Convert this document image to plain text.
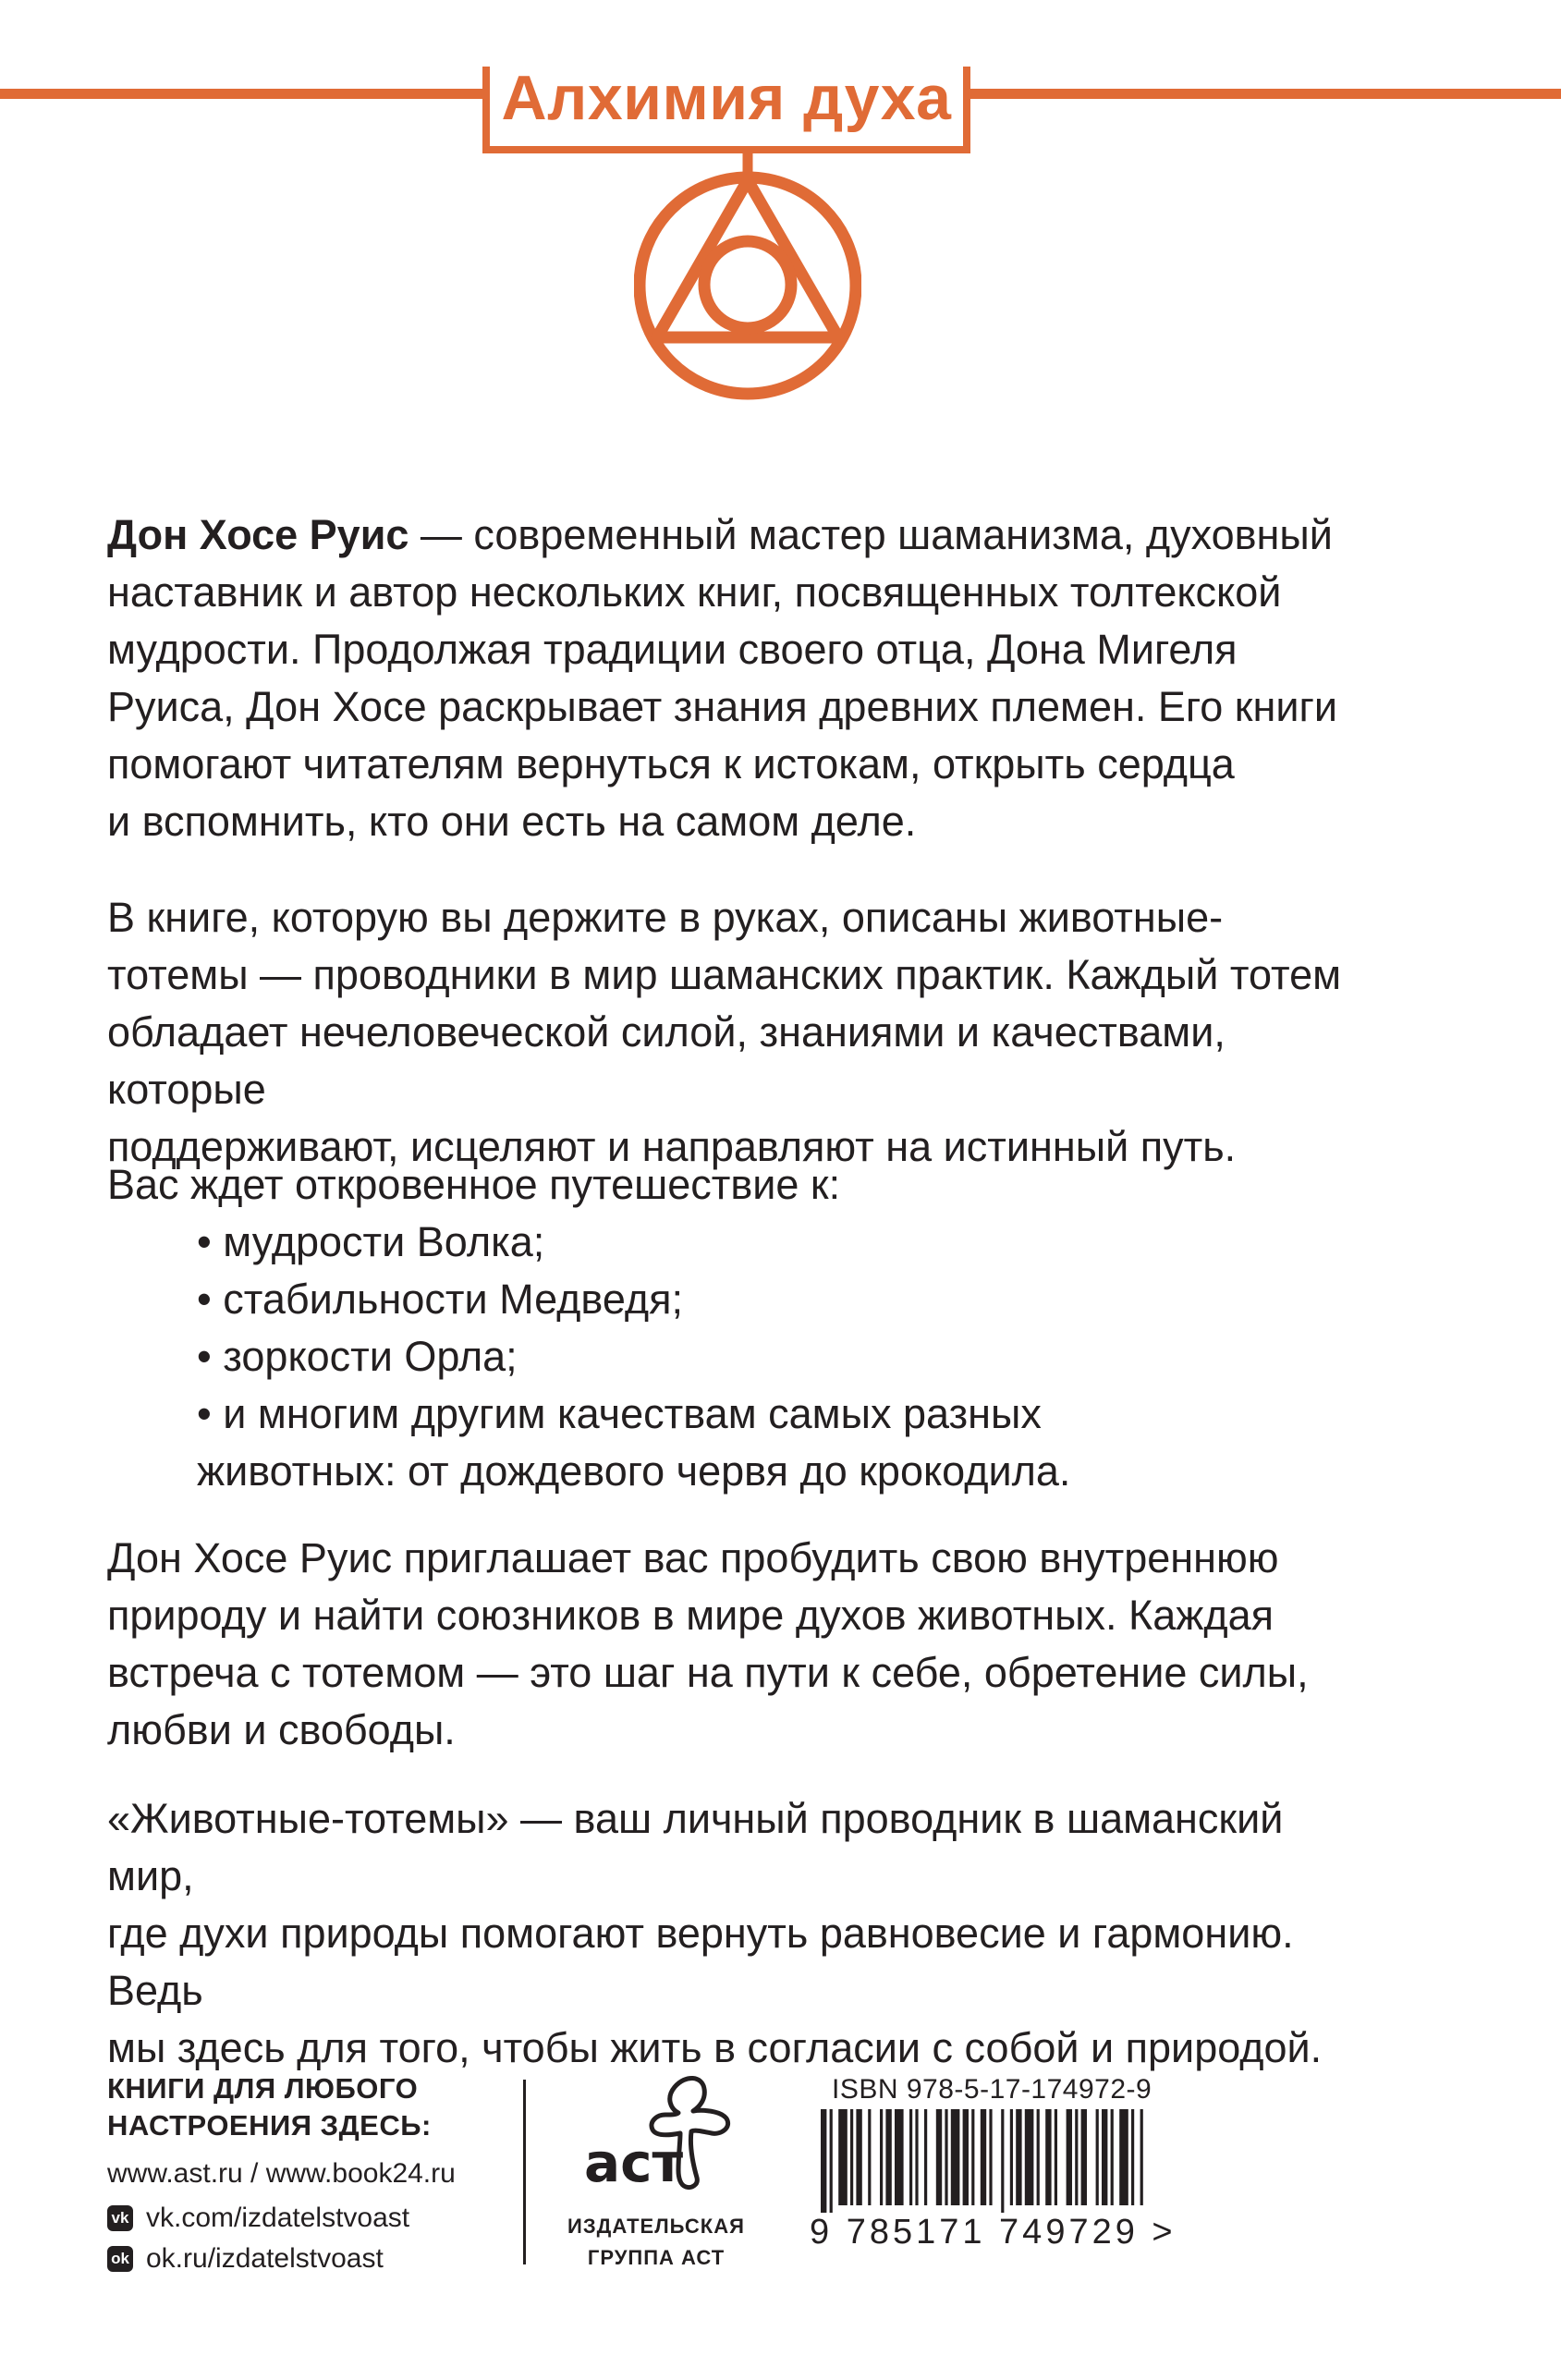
Алхимия духа

Дон Хосе Руис — современный мастер шаманизма, духовный
наставник и автор нескольких книг, посвященных толтекской
мудрости. Продолжая традиции своего отца, Дона Мигеля
Руиса, Дон Хосе раскрывает знания древних племен. Его книги
помогают читателям вернуться к истокам, открыть сердца
и вспомнить, кто они есть на самом деле.

В книге, которую вы держите в руках, описаны животные-
тотемы — проводники в мир шаманских практик. Каждый тотем
обладает нечеловеческой силой, знаниями и качествами, которые
поддерживают, исцеляют и направляют на истинный путь.

Вас ждет откровенное путешествие к:

• мудрости Волка;
• стабильности Медведя;
• зоркости Орла;
• и многим другим качествам самых разных
животных: от дождевого червя до крокодила.

Дон Хосе Руис приглашает вас пробудить свою внутреннюю
природу и найти союзников в мире духов животных. Каждая
встреча с тотемом — это шаг на пути к себе, обретение силы,
любви и свободы.

«Животные-тотемы» — ваш личный проводник в шаманский мир,
где духи природы помогают вернуть равновесие и гармонию. Ведь
мы здесь для того, чтобы жить в согласии с собой и природой.

КНИГИ ДЛЯ ЛЮБОГО
НАСТРОЕНИЯ ЗДЕСЬ:
www.ast.ru / www.book24.ru
vk vk.com/izdatelstvoast
ok ok.ru/izdatelstvoast
аст
ИЗДАТЕЛЬСКАЯ
ГРУППА АСТ
ISBN 978-5-17-174972-9
9 785171 749729 >
